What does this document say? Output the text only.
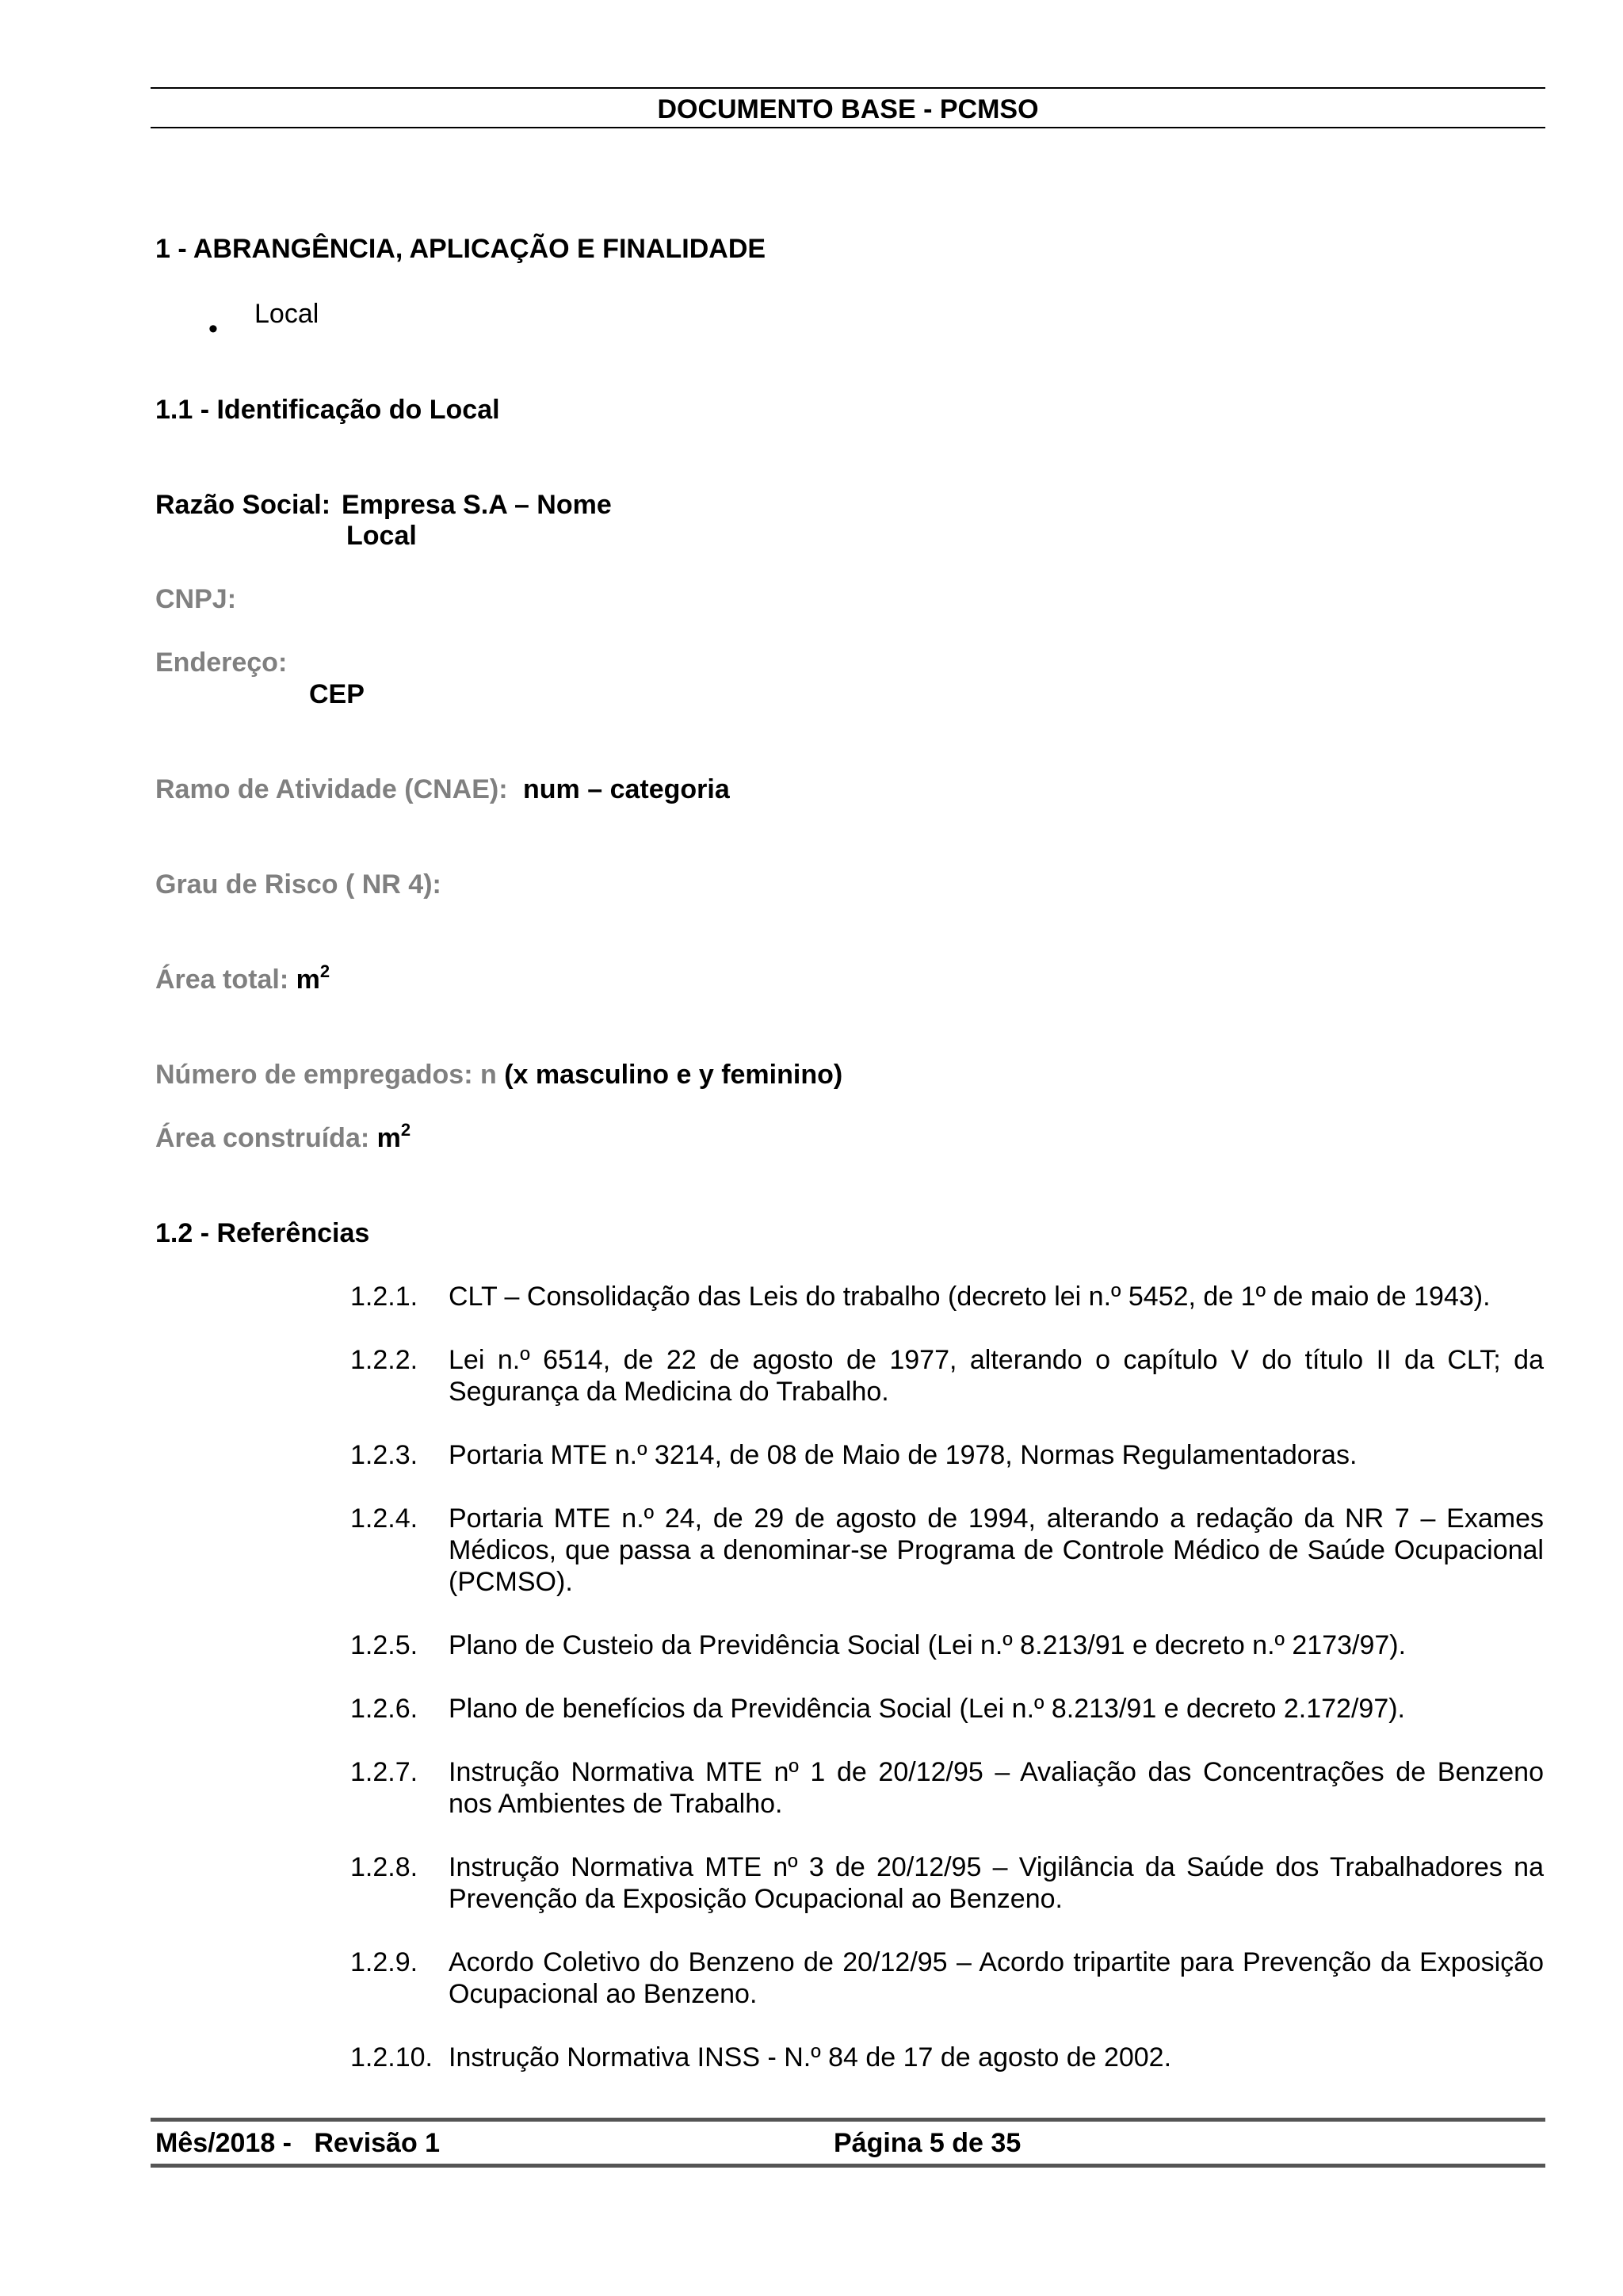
DOCUMENTO BASE - PCMSO
1 - ABRANGÊNCIA, APLICAÇÃO E FINALIDADE
• Local
1.1 - Identificação do Local
Razão Social: Empresa S.A – Nome
Local
CNPJ:
Endereço:
CEP
Ramo de Atividade (CNAE): num – categoria
Grau de Risco ( NR 4):
Área total: $m^2$
Número de empregados: n (x masculino e y feminino)
Área construída: $m^2$
1.2 - Referências
1.2.1. CLT – Consolidação das Leis do trabalho (decreto lei n.º 5452, de 1º de maio de 1943).
1.2.2. Lei n.º 6514, de 22 de agosto de 1977, alterando o capítulo V do título II da CLT; da Segurança da Medicina do Trabalho.
1.2.3. Portaria MTE n.º 3214, de 08 de Maio de 1978, Normas Regulamentadoras.
1.2.4. Portaria MTE n.º 24, de 29 de agosto de 1994, alterando a redação da NR 7 – Exames Médicos, que passa a denominar-se Programa de Controle Médico de Saúde Ocupacional (PCMSO).
1.2.5. Plano de Custeio da Previdência Social (Lei n.º 8.213/91 e decreto n.º 2173/97).
1.2.6. Plano de benefícios da Previdência Social (Lei n.º 8.213/91 e decreto 2.172/97).
1.2.7. Instrução Normativa MTE nº 1 de 20/12/95 – Avaliação das Concentrações de Benzeno nos Ambientes de Trabalho.
1.2.8. Instrução Normativa MTE nº 3 de 20/12/95 – Vigilância da Saúde dos Trabalhadores na Prevenção da Exposição Ocupacional ao Benzeno.
1.2.9. Acordo Coletivo do Benzeno de 20/12/95 – Acordo tripartite para Prevenção da Exposição Ocupacional ao Benzeno.
1.2.10. Instrução Normativa INSS - N.º 84 de 17 de agosto de 2002.
Mês/2018 -   Revisão 1	Página 5 de 35
